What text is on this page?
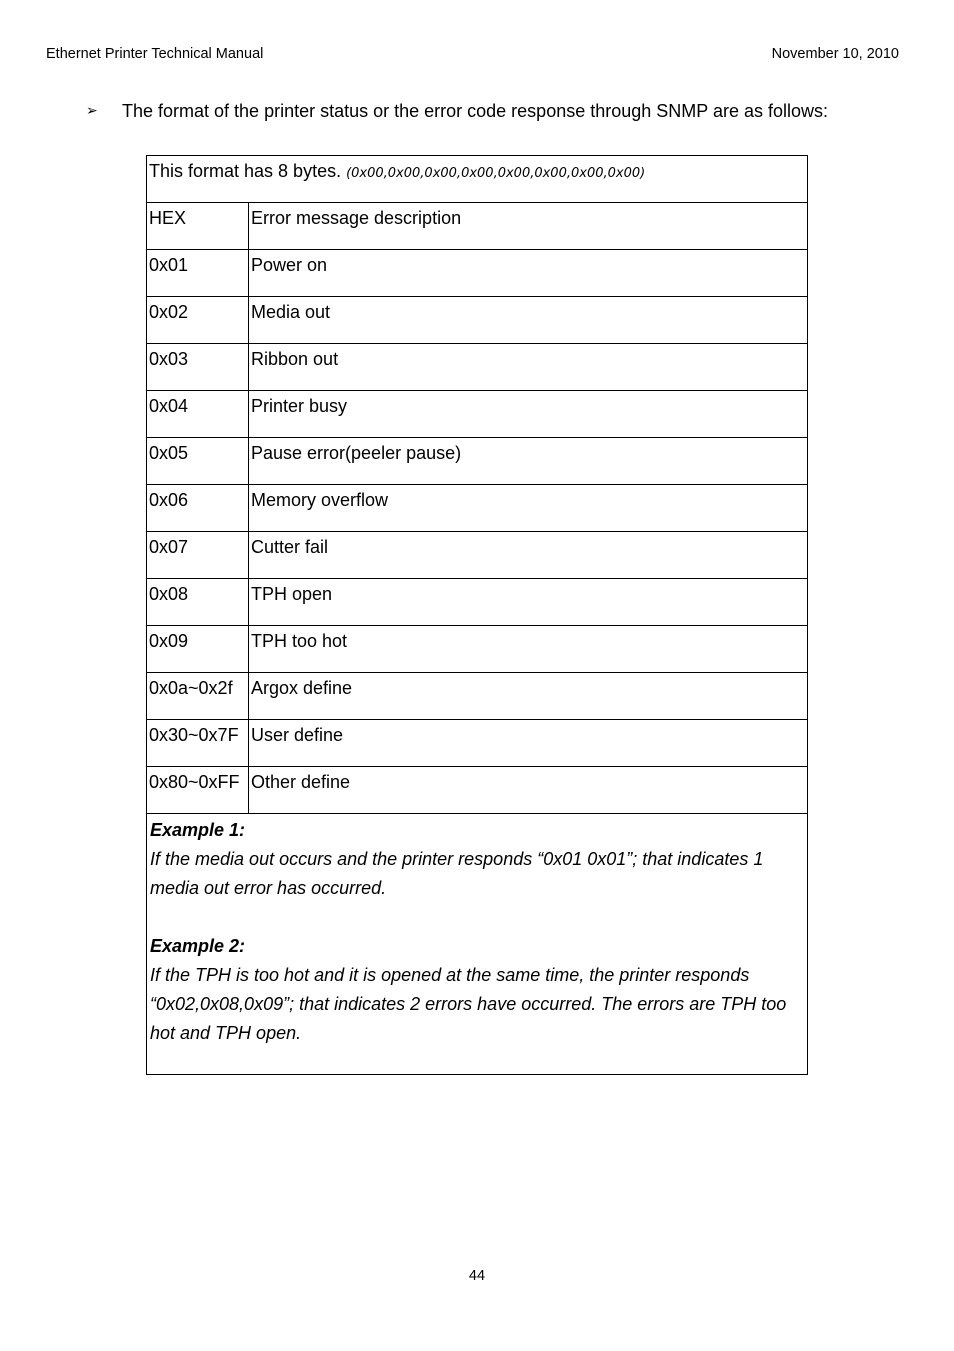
Ethernet Printer Technical Manual	November 10, 2010
➢	The format of the printer status or the error code response through SNMP are as follows:
This format has 8 bytes. (0x00,0x00,0x00,0x00,0x00,0x00,0x00,0x00)	
HEX	Error message description
0x01	Power on
0x02	Media out
0x03	Ribbon out
0x04	Printer busy
0x05	Pause error(peeler pause)
0x06	Memory overflow
0x07	Cutter fail
0x08	TPH open
0x09	TPH too hot
0x0a~0x2f	Argox define
0x30~0x7F	User define
0x80~0xFF	Other define

Example 1:
If the media out occurs and the printer responds “0x01 0x01”; that indicates 1 media out error has occurred.
Example 2:
If the TPH is too hot and it is opened at the same time, the printer responds “0x02,0x08,0x09”; that indicates 2 errors have occurred. The errors are TPH too hot and TPH open.	
44
